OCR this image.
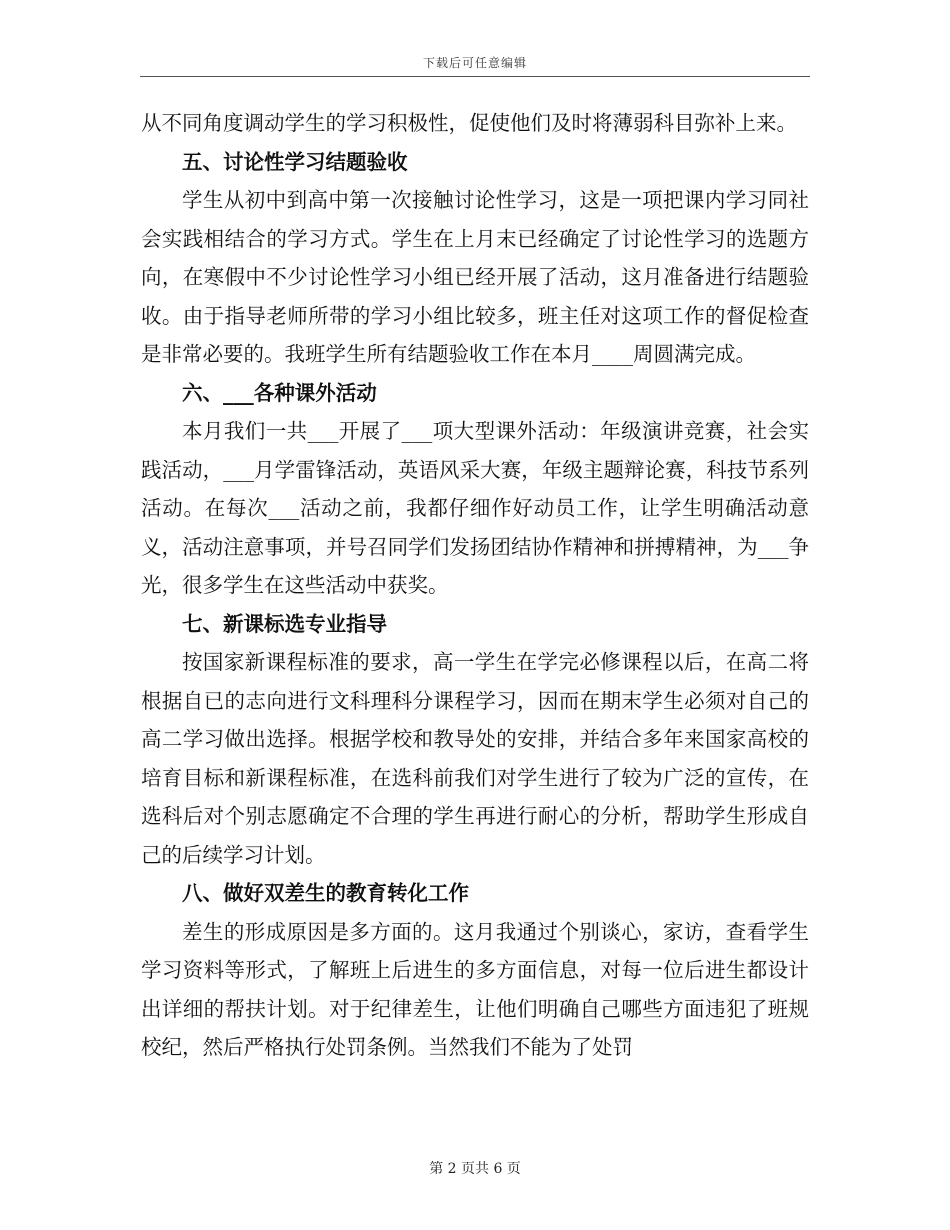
下载后可任意编辑

从不同角度调动学生的学习积极性，促使他们及时将薄弱科目弥补上来。

五、讨论性学习结题验收

学生从初中到高中第一次接触讨论性学习，这是一项把课内学习同社会实践相结合的学习方式。学生在上月末已经确定了讨论性学习的选题方向，在寒假中不少讨论性学习小组已经开展了活动，这月准备进行结题验收。由于指导老师所带的学习小组比较多，班主任对这项工作的督促检查是非常必要的。我班学生所有结题验收工作在本月____周圆满完成。

六、___各种课外活动

本月我们一共___开展了___项大型课外活动：年级演讲竞赛，社会实践活动，___月学雷锋活动，英语风采大赛，年级主题辩论赛，科技节系列活动。在每次___活动之前，我都仔细作好动员工作，让学生明确活动意义，活动注意事项，并号召同学们发扬团结协作精神和拼搏精神，为___争光，很多学生在这些活动中获奖。

七、新课标选专业指导

按国家新课程标准的要求，高一学生在学完必修课程以后，在高二将根据自已的志向进行文科理科分课程学习，因而在期末学生必须对自己的高二学习做出选择。根据学校和教导处的安排，并结合多年来国家高校的培育目标和新课程标准，在选科前我们对学生进行了较为广泛的宣传，在选科后对个别志愿确定不合理的学生再进行耐心的分析，帮助学生形成自己的后续学习计划。

八、做好双差生的教育转化工作

差生的形成原因是多方面的。这月我通过个别谈心，家访，查看学生学习资料等形式，了解班上后进生的多方面信息，对每一位后进生都设计出详细的帮扶计划。对于纪律差生，让他们明确自己哪些方面违犯了班规校纪，然后严格执行处罚条例。当然我们不能为了处罚

第 2 页共 6 页
